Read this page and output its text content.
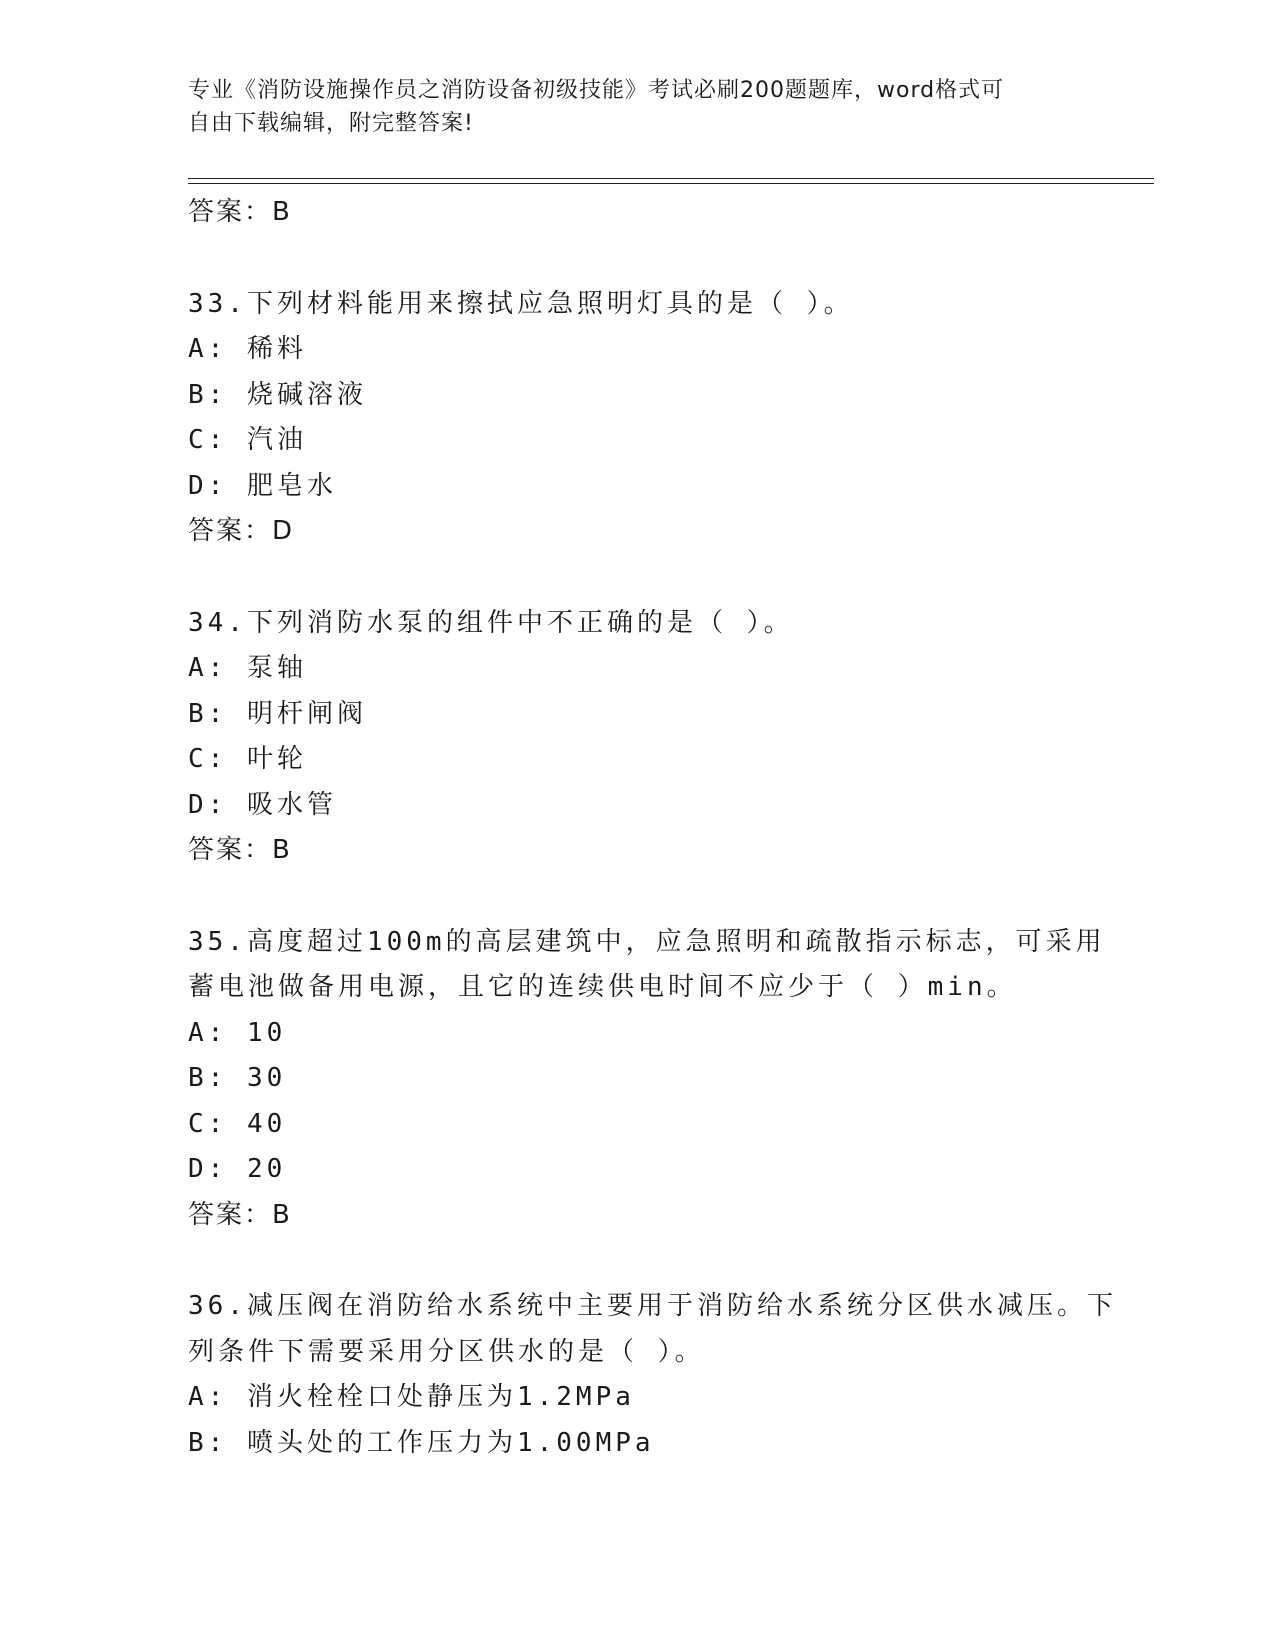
专业《消防设施操作员之消防设备初级技能》考试必刷200题题库，word格式可
自由下载编辑，附完整答案!
答案：B
33.下列材料能用来擦拭应急照明灯具的是（ ）。
A: 稀料
B: 烧碱溶液
C: 汽油
D: 肥皂水
答案：D
34.下列消防水泵的组件中不正确的是（ ）。
A: 泵轴
B: 明杆闸阀
C: 叶轮
D: 吸水管
答案：B
35.高度超过100m的高层建筑中，应急照明和疏散指示标志，可采用
蓄电池做备用电源，且它的连续供电时间不应少于（ ）min。
A: 10
B: 30
C: 40
D: 20
答案：B
36.减压阀在消防给水系统中主要用于消防给水系统分区供水减压。下
列条件下需要采用分区供水的是（ ）。
A: 消火栓栓口处静压为1.2MPa
B: 喷头处的工作压力为1.00MPa
